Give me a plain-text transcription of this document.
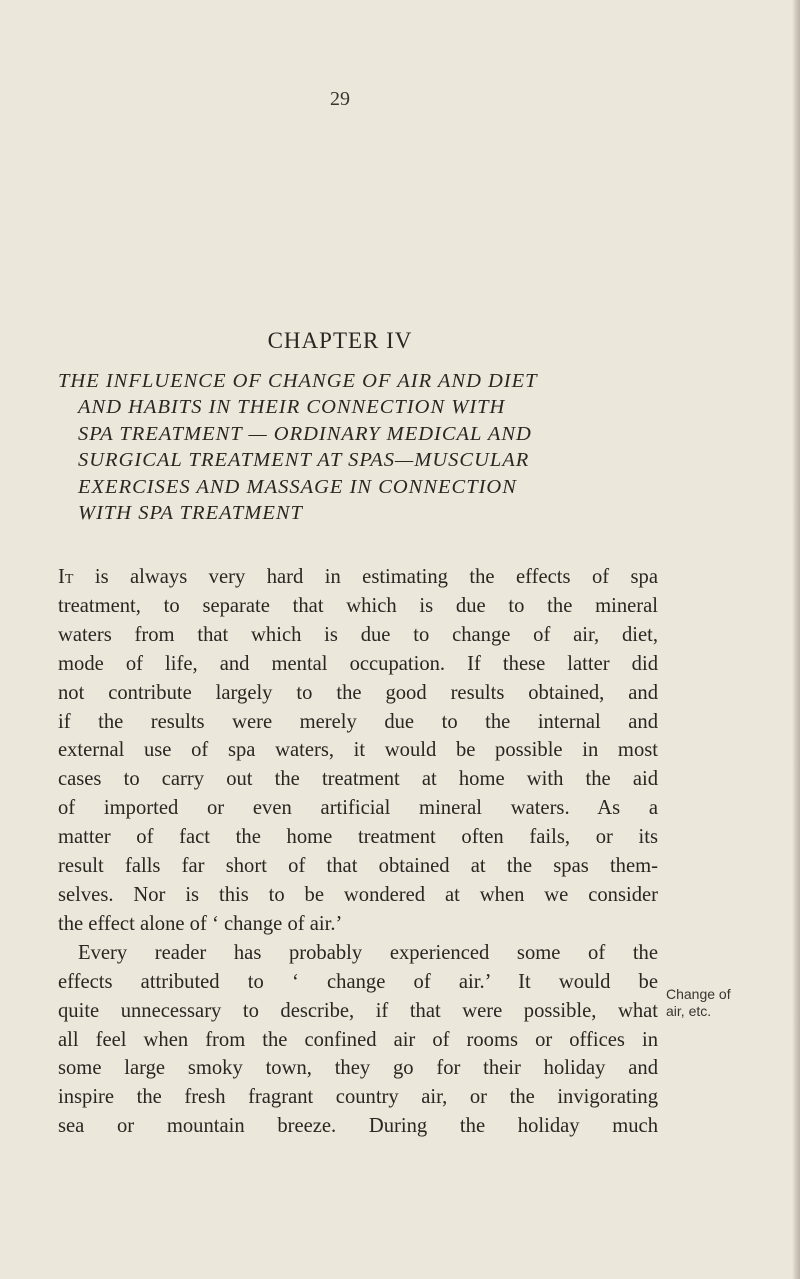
29
CHAPTER IV
THE INFLUENCE OF CHANGE OF AIR AND DIET
AND HABITS IN THEIR CONNECTION WITH
SPA TREATMENT — ORDINARY MEDICAL AND
SURGICAL TREATMENT AT SPAS—MUSCULAR
EXERCISES AND MASSAGE IN CONNECTION
WITH SPA TREATMENT
It is always very hard in estimating the effects of spa
treatment, to separate that which is due to the mineral
waters from that which is due to change of air, diet,
mode of life, and mental occupation. If these latter did
not contribute largely to the good results obtained, and
if the results were merely due to the internal and
external use of spa waters, it would be possible in most
cases to carry out the treatment at home with the aid
of imported or even artificial mineral waters. As a
matter of fact the home treatment often fails, or its
result falls far short of that obtained at the spas them-
selves. Nor is this to be wondered at when we consider
the effect alone of ‘ change of air.’
Every reader has probably experienced some of the
effects attributed to ‘ change of air.’ It would be
quite unnecessary to describe, if that were possible, what
all feel when from the confined air of rooms or offices in
some large smoky town, they go for their holiday and
inspire the fresh fragrant country air, or the invigorating
sea or mountain breeze. During the holiday much
Change of
air, etc.
